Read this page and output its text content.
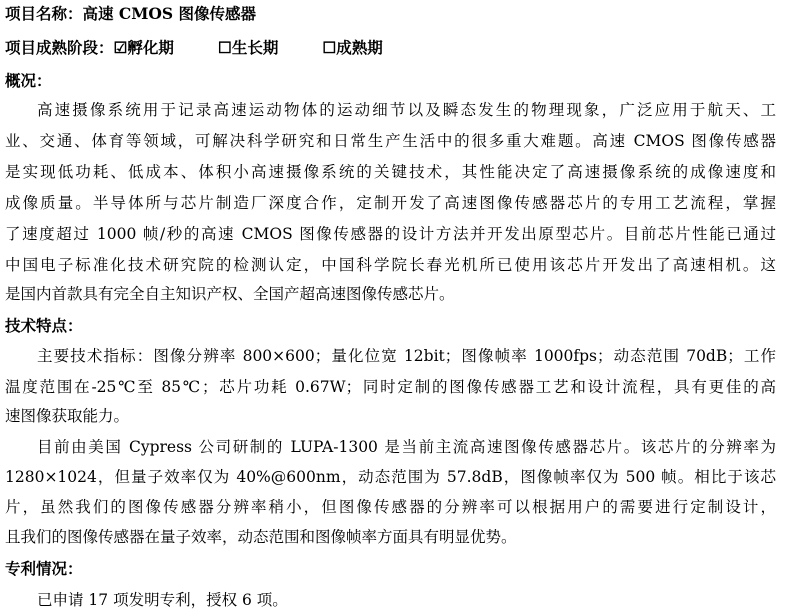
项目名称：高速 CMOS 图像传感器
项目成熟阶段：☑孵化期	☐生长期	☐成熟期
概况：
高速摄像系统用于记录高速运动物体的运动细节以及瞬态发生的物理现象，广泛应用于航天、工
业、交通、体育等领域，可解决科学研究和日常生产生活中的很多重大难题。高速 CMOS 图像传感器
是实现低功耗、低成本、体积小高速摄像系统的关键技术，其性能决定了高速摄像系统的成像速度和
成像质量。半导体所与芯片制造厂深度合作，定制开发了高速图像传感器芯片的专用工艺流程，掌握
了速度超过 1000 帧/秒的高速 CMOS 图像传感器的设计方法并开发出原型芯片。目前芯片性能已通过
中国电子标准化技术研究院的检测认定，中国科学院长春光机所已使用该芯片开发出了高速相机。这
是国内首款具有完全自主知识产权、全国产超高速图像传感芯片。
技术特点：
主要技术指标：图像分辨率 800×600；量化位宽 12bit；图像帧率 1000fps；动态范围 70dB；工作
温度范围在-25℃至 85℃；芯片功耗 0.67W；同时定制的图像传感器工艺和设计流程，具有更佳的高
速图像获取能力。
目前由美国 Cypress 公司研制的 LUPA-1300 是当前主流高速图像传感器芯片。该芯片的分辨率为
1280×1024，但量子效率仅为 40%@600nm，动态范围为 57.8dB，图像帧率仅为 500 帧。相比于该芯
片，虽然我们的图像传感器分辨率稍小，但图像传感器的分辨率可以根据用户的需要进行定制设计，
且我们的图像传感器在量子效率，动态范围和图像帧率方面具有明显优势。
专利情况：
已申请 17 项发明专利，授权 6 项。
